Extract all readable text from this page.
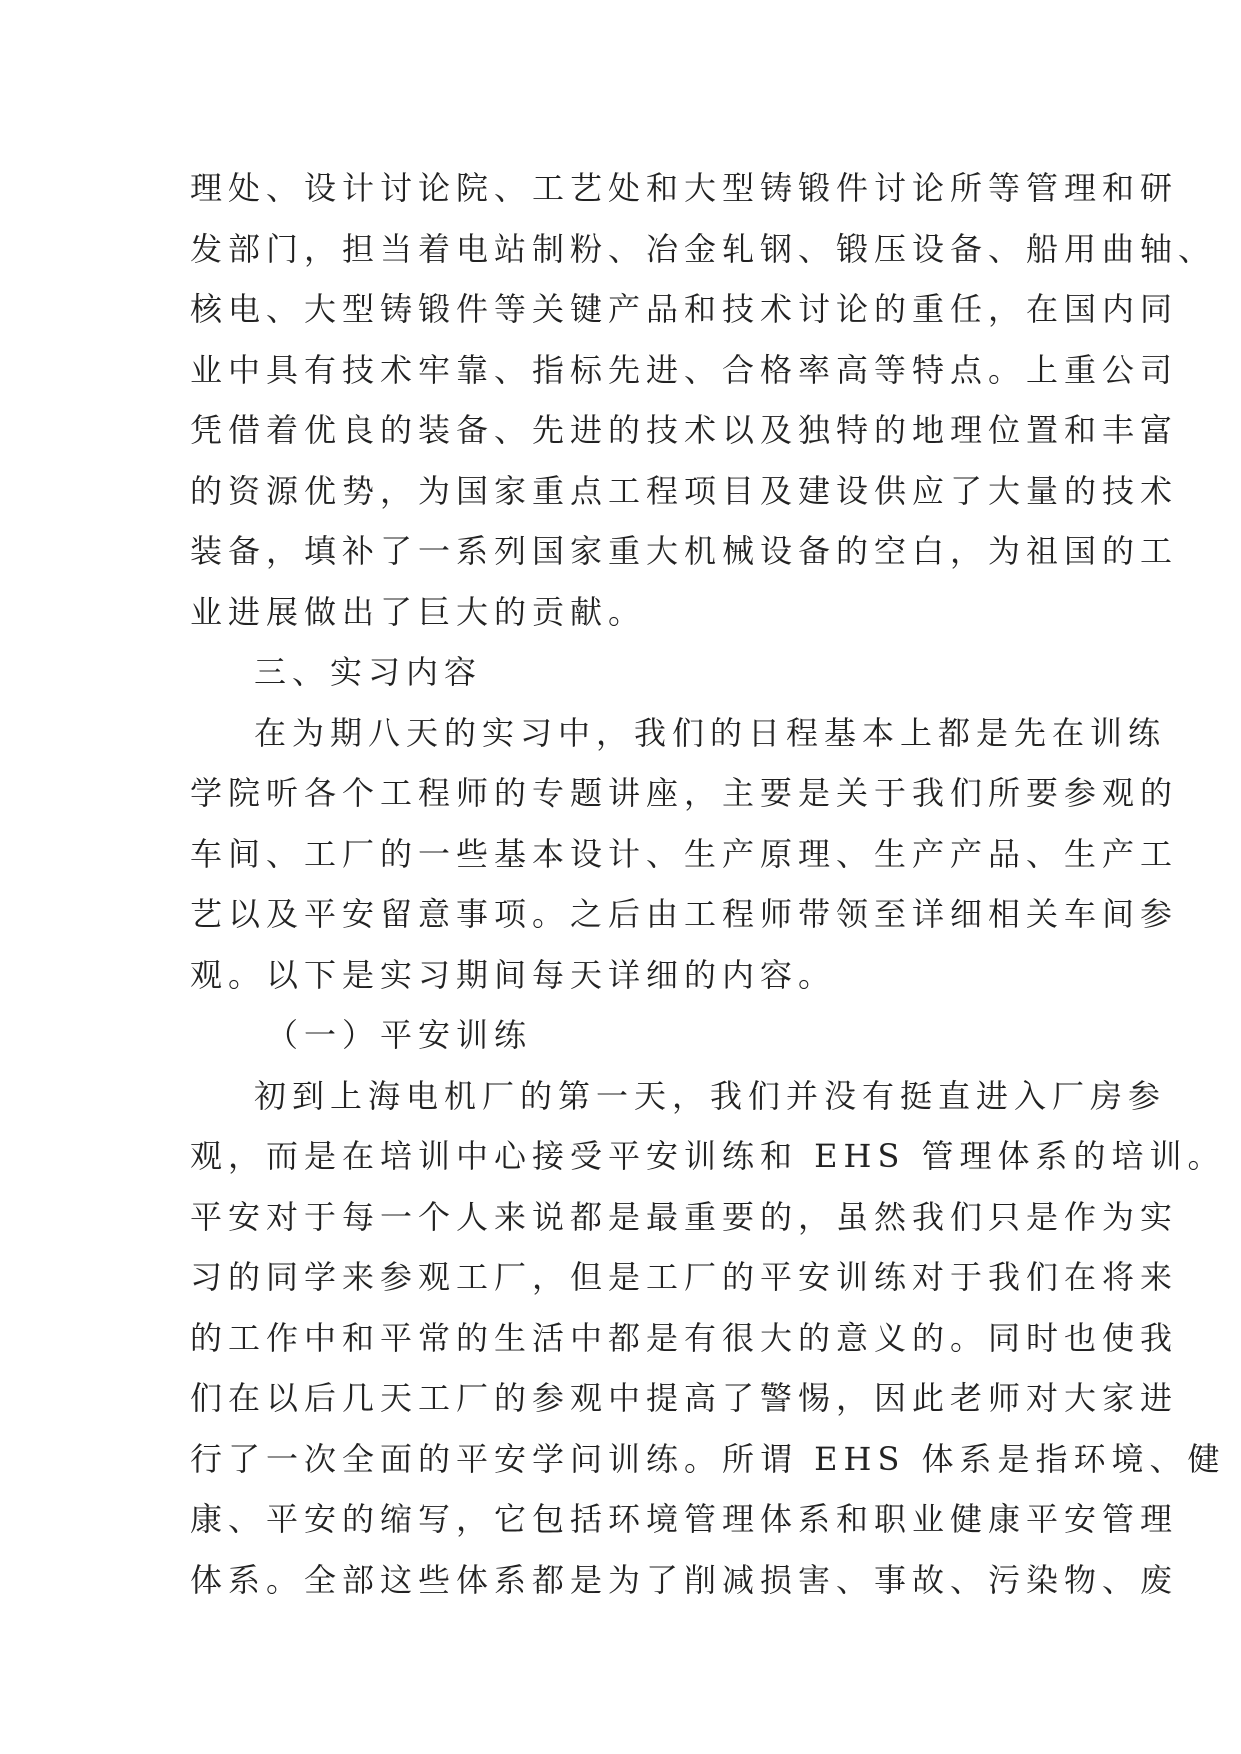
理处、设计讨论院、工艺处和大型铸锻件讨论所等管理和研
发部门，担当着电站制粉、冶金轧钢、锻压设备、船用曲轴、
核电、大型铸锻件等关键产品和技术讨论的重任，在国内同
业中具有技术牢靠、指标先进、合格率高等特点。上重公司
凭借着优良的装备、先进的技术以及独特的地理位置和丰富
的资源优势，为国家重点工程项目及建设供应了大量的技术
装备，填补了一系列国家重大机械设备的空白，为祖国的工
业进展做出了巨大的贡献。
三、实习内容
在为期八天的实习中，我们的日程基本上都是先在训练
学院听各个工程师的专题讲座，主要是关于我们所要参观的
车间、工厂的一些基本设计、生产原理、生产产品、生产工
艺以及平安留意事项。之后由工程师带领至详细相关车间参
观。以下是实习期间每天详细的内容。
（一）平安训练
初到上海电机厂的第一天，我们并没有挺直进入厂房参
观，而是在培训中心接受平安训练和 EHS 管理体系的培训。
平安对于每一个人来说都是最重要的，虽然我们只是作为实
习的同学来参观工厂，但是工厂的平安训练对于我们在将来
的工作中和平常的生活中都是有很大的意义的。同时也使我
们在以后几天工厂的参观中提高了警惕，因此老师对大家进
行了一次全面的平安学问训练。所谓 EHS 体系是指环境、健
康、平安的缩写，它包括环境管理体系和职业健康平安管理
体系。全部这些体系都是为了削减损害、事故、污染物、废
